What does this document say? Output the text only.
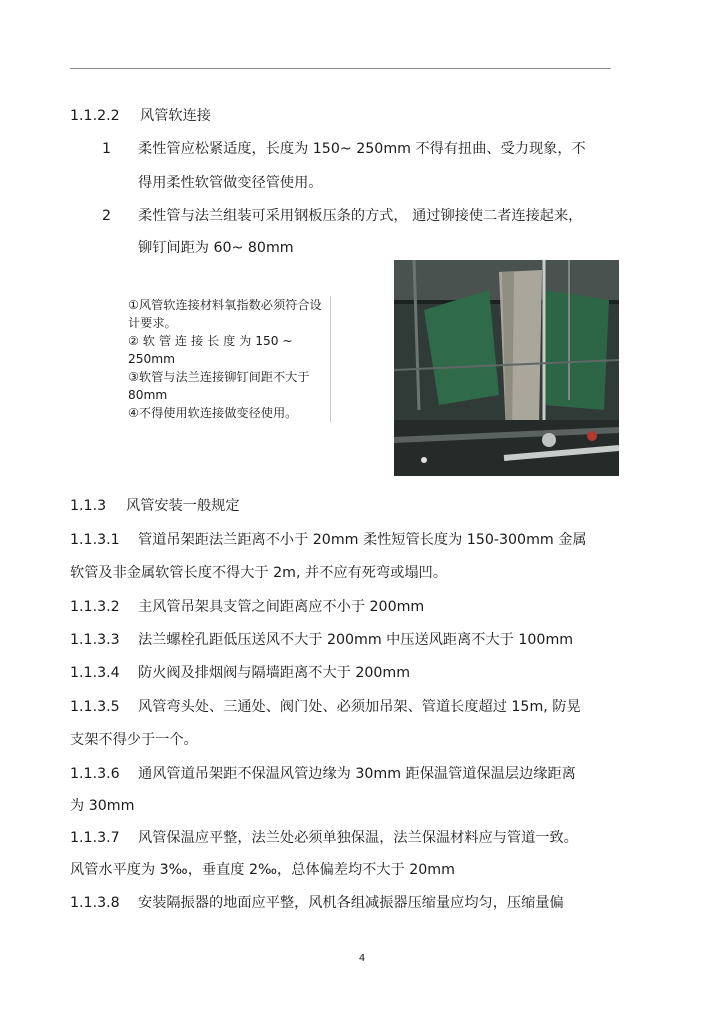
1.1.2.2 风管软连接
1 柔性管应松紧适度，长度为 150~ 250mm 不得有扭曲、受力现象，不
得用柔性软管做变径管使用。
2 柔性管与法兰组装可采用钢板压条的方式， 通过铆接使二者连接起来，
铆钉间距为 60~ 80mm
①风管软连接材料氧指数必须符合设计要求。
② 软 管 连 接 长 度 为 150 ~ 250mm
③软管与法兰连接铆钉间距不大于 80mm
④不得使用软连接做变径使用。
1.1.3 风管安装一般规定
1.1.3.1 管道吊架距法兰距离不小于 20mm 柔性短管长度为 150-300mm 金属
软管及非金属软管长度不得大于 2m, 并不应有死弯或塌凹。
1.1.3.2 主风管吊架具支管之间距离应不小于 200mm
1.1.3.3 法兰螺栓孔距低压送风不大于 200mm 中压送风距离不大于 100mm
1.1.3.4 防火阀及排烟阀与隔墙距离不大于 200mm
1.1.3.5 风管弯头处、三通处、阀门处、必须加吊架、管道长度超过 15m, 防晃
支架不得少于一个。
1.1.3.6 通风管道吊架距不保温风管边缘为 30mm 距保温管道保温层边缘距离
为 30mm
1.1.3.7 风管保温应平整，法兰处必须单独保温，法兰保温材料应与管道一致。
风管水平度为 3‰，垂直度 2‰，总体偏差均不大于 20mm
1.1.3.8 安装隔振器的地面应平整，风机各组减振器压缩量应均匀，压缩量偏
4
